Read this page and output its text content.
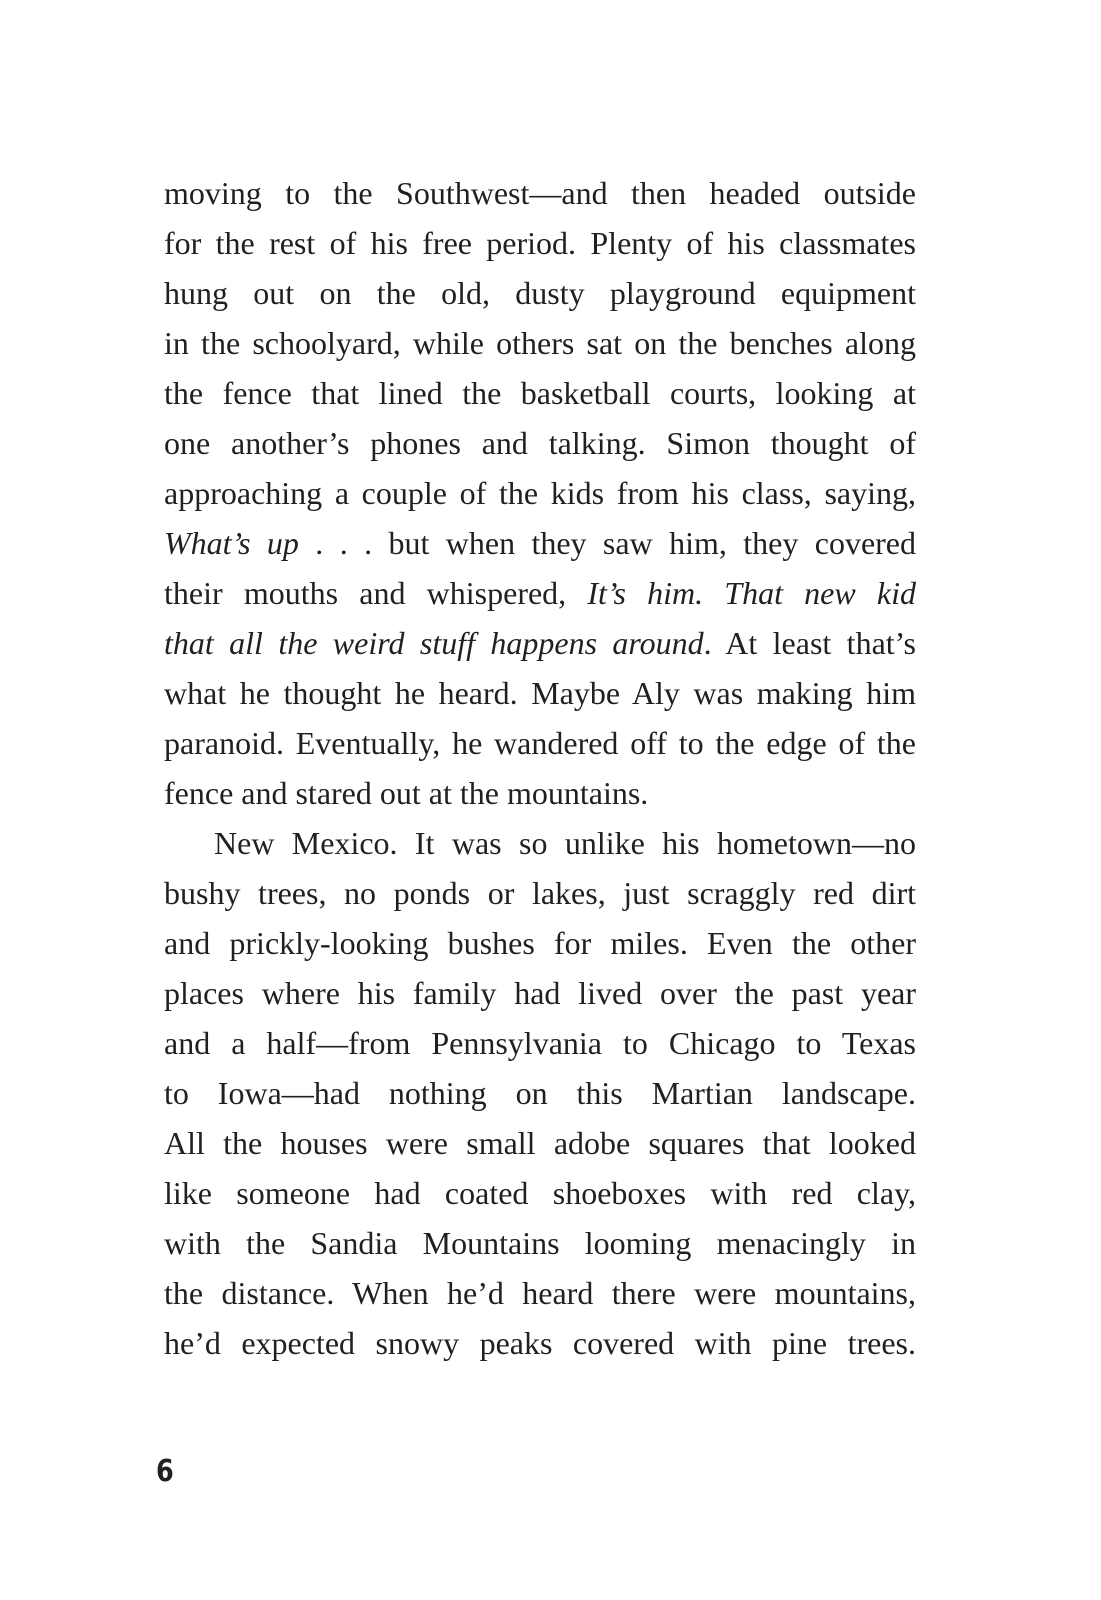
moving to the Southwest—and then headed outside
for the rest of his free period. Plenty of his classmates
hung out on the old, dusty playground equipment
in the schoolyard, while others sat on the benches along
the fence that lined the basketball courts, looking at
one another’s phones and talking. Simon thought of
approaching a couple of the kids from his class, saying,
What’s up . . . but when they saw him, they covered
their mouths and whispered, It’s him. That new kid
that all the weird stuff happens around. At least that’s
what he thought he heard. Maybe Aly was making him
paranoid. Eventually, he wandered off to the edge of the
fence and stared out at the mountains.
New Mexico. It was so unlike his hometown—no
bushy trees, no ponds or lakes, just scraggly red dirt
and prickly-looking bushes for miles. Even the other
places where his family had lived over the past year
and a half—from Pennsylvania to Chicago to Texas
to Iowa—had nothing on this Martian landscape.
All the houses were small adobe squares that looked
like someone had coated shoeboxes with red clay,
with the Sandia Mountains looming menacingly in
the distance. When he’d heard there were mountains,
he’d expected snowy peaks covered with pine trees.
6
